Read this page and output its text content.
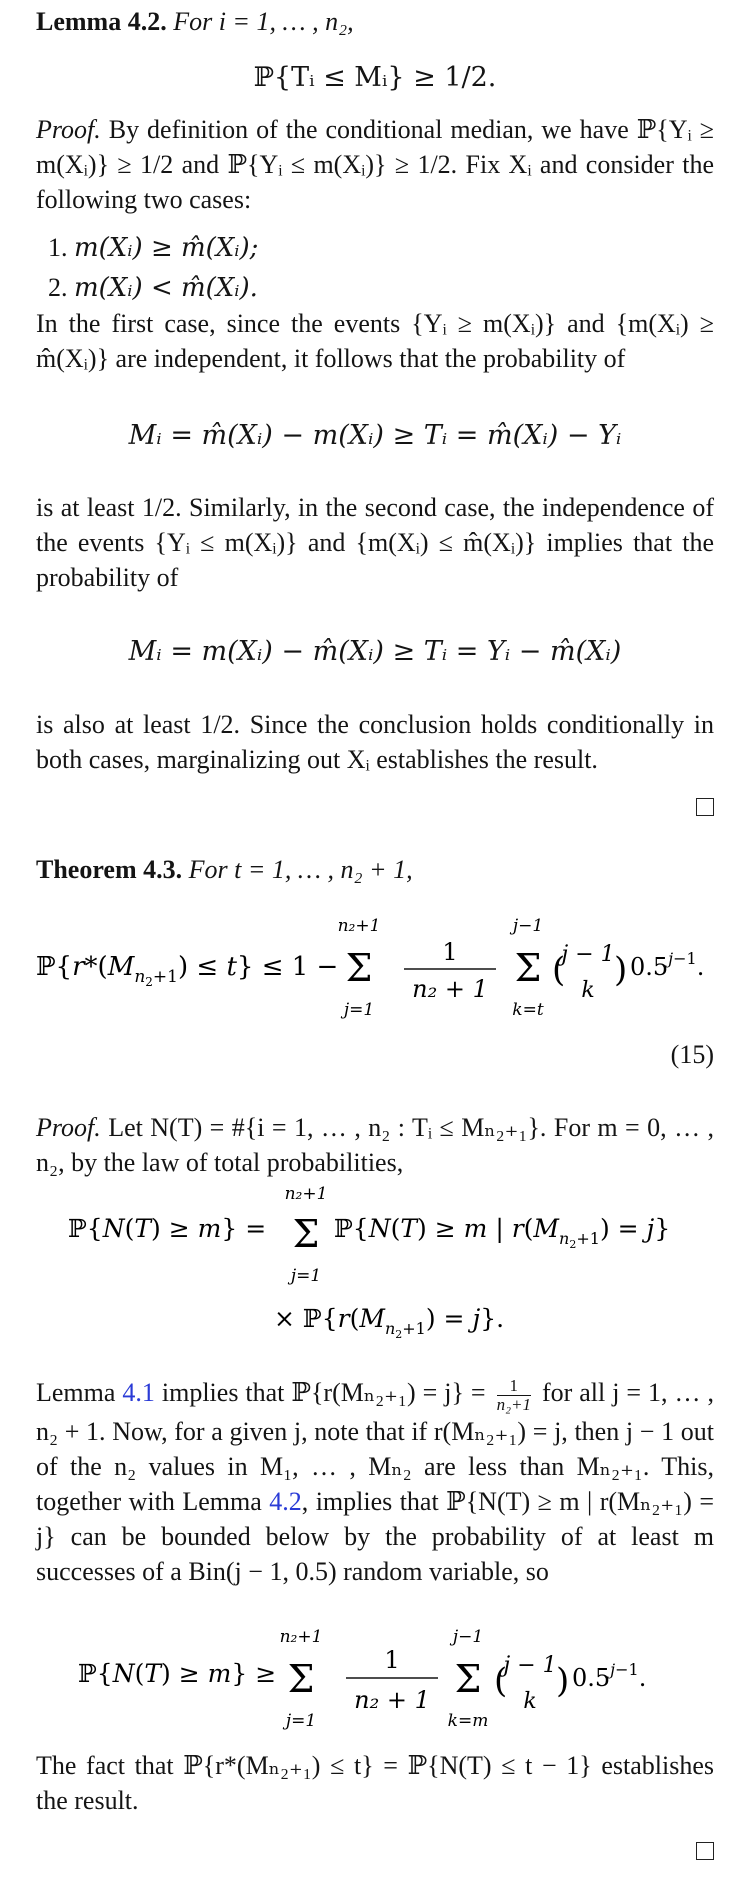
Lemma 4.2. For i = 1, … , n₂,
ℙ{Tᵢ ≤ Mᵢ} ≥ 1/2.
Proof. By definition of the conditional median, we have ℙ{Yᵢ ≥ m(Xᵢ)} ≥ 1/2 and ℙ{Yᵢ ≤ m(Xᵢ)} ≥ 1/2. Fix Xᵢ and consider the following two cases:
1. m(Xᵢ) ≥ m̂(Xᵢ);
2. m(Xᵢ) < m̂(Xᵢ).
In the first case, since the events {Yᵢ ≥ m(Xᵢ)} and {m(Xᵢ) ≥ m̂(Xᵢ)} are independent, it follows that the probability of
Mᵢ = m̂(Xᵢ) − m(Xᵢ) ≥ Tᵢ = m̂(Xᵢ) − Yᵢ
is at least 1/2. Similarly, in the second case, the independence of the events {Yᵢ ≤ m(Xᵢ)} and {m(Xᵢ) ≤ m̂(Xᵢ)} implies that the probability of
Mᵢ = m(Xᵢ) − m̂(Xᵢ) ≥ Tᵢ = Yᵢ − m̂(Xᵢ)
is also at least 1/2. Since the conclusion holds conditionally in both cases, marginalizing out Xᵢ establishes the result.
Theorem 4.3. For t = 1, … , n₂ + 1,
$ℙ\{r*(M_n2+1) \le t\} \le 1$ −
n₂+1
Σ
j=1
1
n₂ + 1
j−1
Σ
k=t
(
j − 1
k
) $0.5^j-1$.
(15)
Proof. Let N(T) = #{i = 1, … , n₂ : Tᵢ ≤ Mₙ₂₊₁}. For m = 0, … , n₂, by the law of total probabilities,
ℙ{N(T) ≥ m} =
n₂+1
Σ
j=1
ℙ{N(T) ≥ m | $r(M_n2+1) = j$}
× $ℙ\{r(M_n2+1) = j\}$.
Lemma 4.1 implies that ℙ{r(Mₙ₂₊₁) = $j\} = \frac{1}{\text{n₂+1}}$ for all j = 1, … , n₂ + 1. Now, for a given j, note that if r(Mₙ₂₊₁) = j, then j − 1 out of the n₂ values in M₁, … , Mₙ₂ are less than Mₙ₂₊₁. This, together with Lemma 4.2, implies that ℙ{N(T) ≥ m | r(Mₙ₂₊₁) = j} can be bounded below by the probability of at least m successes of a Bin(j − 1, 0.5) random variable, so
ℙ{N(T) ≥ m} ≥
n₂+1
Σ
j=1
1
n₂ + 1
j−1
Σ
k=m
(
j − 1
k
) $0.5^j-1$.
The fact that ℙ{r*(Mₙ₂₊₁) ≤ t} = ℙ{N(T) ≤ t − 1} establishes the result.
